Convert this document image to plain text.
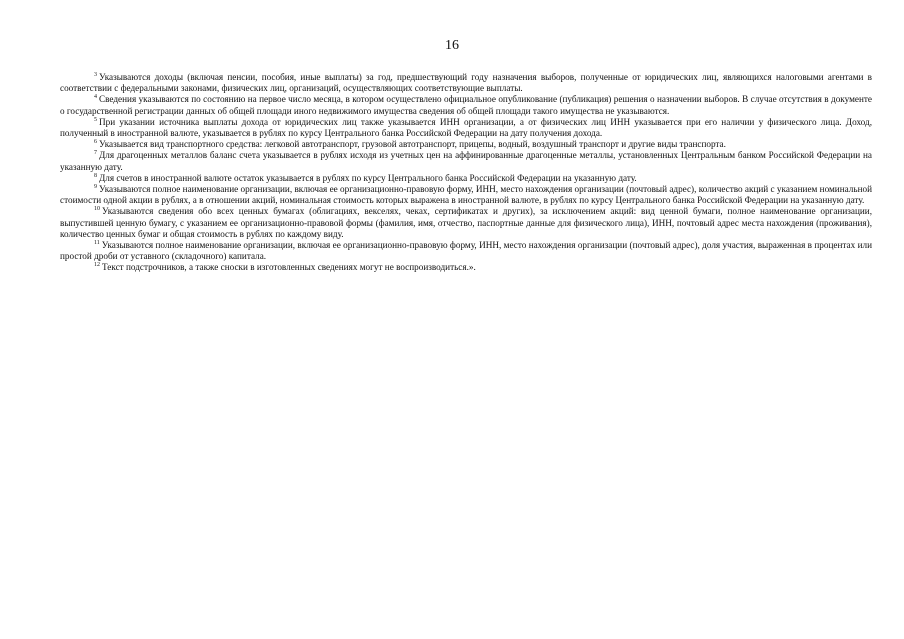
16

$^3$ Указываются доходы (включая пенсии, пособия, иные выплаты) за год, предшествующий году назначения выборов, полученные от юридических лиц, являющихся налоговыми агентами в соответствии с федеральными законами, физических лиц, организаций, осуществляющих соответствующие выплаты.

$^4$ Сведения указываются по состоянию на первое число месяца, в котором осуществлено официальное опубликование (публикация) решения о назначении выборов. В случае отсутствия в документе о государственной регистрации данных об общей площади иного недвижимого имущества сведения об общей площади такого имущества не указываются.

$^5$ При указании источника выплаты дохода от юридических лиц также указывается ИНН организации, а от физических лиц ИНН указывается при его наличии у физического лица. Доход, полученный в иностранной валюте, указывается в рублях по курсу Центрального банка Российской Федерации на дату получения дохода.

$^6$ Указывается вид транспортного средства: легковой автотранспорт, грузовой автотранспорт, прицепы, водный, воздушный транспорт и другие виды транспорта.

$^7$ Для драгоценных металлов баланс счета указывается в рублях исходя из учетных цен на аффинированные драгоценные металлы, установленных Центральным банком Российской Федерации на указанную дату.

$^8$ Для счетов в иностранной валюте остаток указывается в рублях по курсу Центрального банка Российской Федерации на указанную дату.

$^9$ Указываются полное наименование организации, включая ее организационно-правовую форму, ИНН, место нахождения организации (почтовый адрес), количество акций с указанием номинальной стоимости одной акции в рублях, а в отношении акций, номинальная стоимость которых выражена в иностранной валюте, в рублях по курсу Центрального банка Российской Федерации на указанную дату.

$^{10}$ Указываются сведения обо всех ценных бумагах (облигациях, векселях, чеках, сертификатах и других), за исключением акций: вид ценной бумаги, полное наименование организации, выпустившей ценную бумагу, с указанием ее организационно-правовой формы (фамилия, имя, отчество, паспортные данные для физического лица), ИНН, почтовый адрес места нахождения (проживания), количество ценных бумаг и общая стоимость в рублях по каждому виду.

$^{11}$ Указываются полное наименование организации, включая ее организационно-правовую форму, ИНН, место нахождения организации (почтовый адрес), доля участия, выраженная в процентах или простой дроби от уставного (складочного) капитала.

$^{12}$ Текст подстрочников, а также сноски в изготовленных сведениях могут не воспроизводиться.».
